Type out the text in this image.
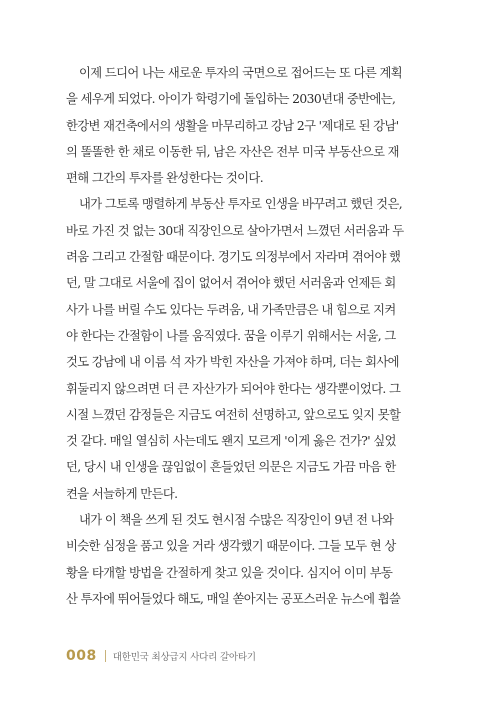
이제 드디어 나는 새로운 투자의 국면으로 접어드는 또 다른 계획
을 세우게 되었다. 아이가 학령기에 돌입하는 2030년대 중반에는,
한강변 재건축에서의 생활을 마무리하고 강남 2구 '제대로 된 강남'
의 똘똘한 한 채로 이동한 뒤, 남은 자산은 전부 미국 부동산으로 재
편해 그간의 투자를 완성한다는 것이다.
내가 그토록 맹렬하게 부동산 투자로 인생을 바꾸려고 했던 것은,
바로 가진 것 없는 30대 직장인으로 살아가면서 느꼈던 서러움과 두
려움 그리고 간절함 때문이다. 경기도 의정부에서 자라며 겪어야 했
던, 말 그대로 서울에 집이 없어서 겪어야 했던 서러움과 언제든 회
사가 나를 버릴 수도 있다는 두려움, 내 가족만큼은 내 힘으로 지켜
야 한다는 간절함이 나를 움직였다. 꿈을 이루기 위해서는 서울, 그
것도 강남에 내 이름 석 자가 박힌 자산을 가져야 하며, 더는 회사에
휘둘리지 않으려면 더 큰 자산가가 되어야 한다는 생각뿐이었다. 그
시절 느꼈던 감정들은 지금도 여전히 선명하고, 앞으로도 잊지 못할
것 같다. 매일 열심히 사는데도 왠지 모르게 '이게 옳은 건가?' 싶었
던, 당시 내 인생을 끊임없이 흔들었던 의문은 지금도 가끔 마음 한
켠을 서늘하게 만든다.
내가 이 책을 쓰게 된 것도 현시점 수많은 직장인이 9년 전 나와
비슷한 심정을 품고 있을 거라 생각했기 때문이다. 그들 모두 현 상
황을 타개할 방법을 간절하게 찾고 있을 것이다. 심지어 이미 부동
산 투자에 뛰어들었다 해도, 매일 쏟아지는 공포스러운 뉴스에 휩쓸
008 대한민국 최상급지 사다리 갈아타기
